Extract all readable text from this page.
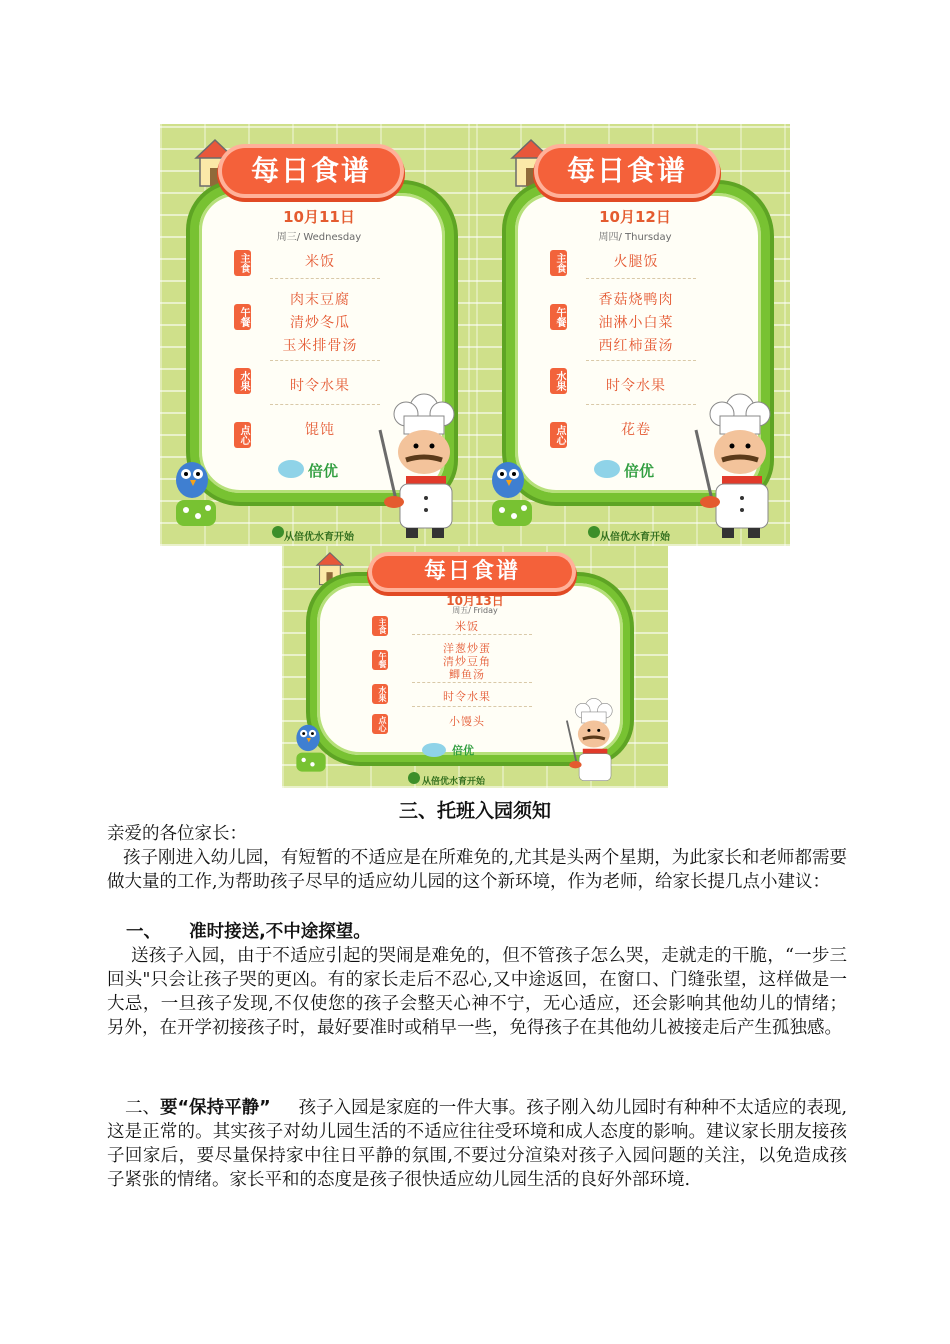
每日食谱
10月11日
周三/ Wednesday
主食	米饭
午餐
肉末豆腐
清炒冬瓜
玉米排骨汤
水果	时令水果
点心	馄饨
倍优
从倍优水育开始
每日食谱
10月12日
周四/ Thursday
主食	火腿饭
午餐
香菇烧鸭肉
油淋小白菜
西红柿蛋汤
水果	时令水果
点心	花卷
倍优
从倍优水育开始
每日食谱
10月13日
周五/ Friday
主食	米饭
午餐
洋葱炒蛋
清炒豆角
鲫鱼汤
水果	时令水果
点心	小馒头
倍优
从倍优水育开始
三、托班入园须知
亲爱的各位家长：
孩子刚进入幼儿园，有短暂的不适应是在所难免的,尤其是头两个星期，为此家长和老师都需要做大量的工作,为帮助孩子尽早的适应幼儿园的这个新环境，作为老师，给家长提几点小建议：
一、 准时接送,不中途探望。
送孩子入园，由于不适应引起的哭闹是难免的，但不管孩子怎么哭，走就走的干脆，“一步三回头"只会让孩子哭的更凶。有的家长走后不忍心,又中途返回，在窗口、门缝张望，这样做是一大忌，一旦孩子发现,不仅使您的孩子会整天心神不宁，无心适应，还会影响其他幼儿的情绪；另外，在开学初接孩子时，最好要准时或稍早一些，免得孩子在其他幼儿被接走后产生孤独感。
二、要“保持平静” 孩子入园是家庭的一件大事。孩子刚入幼儿园时有种种不太适应的表现,这是正常的。其实孩子对幼儿园生活的不适应往往受环境和成人态度的影响。建议家长朋友接孩子回家后，要尽量保持家中往日平静的氛围,不要过分渲染对孩子入园问题的关注，以免造成孩子紧张的情绪。家长平和的态度是孩子很快适应幼儿园生活的良好外部环境.
